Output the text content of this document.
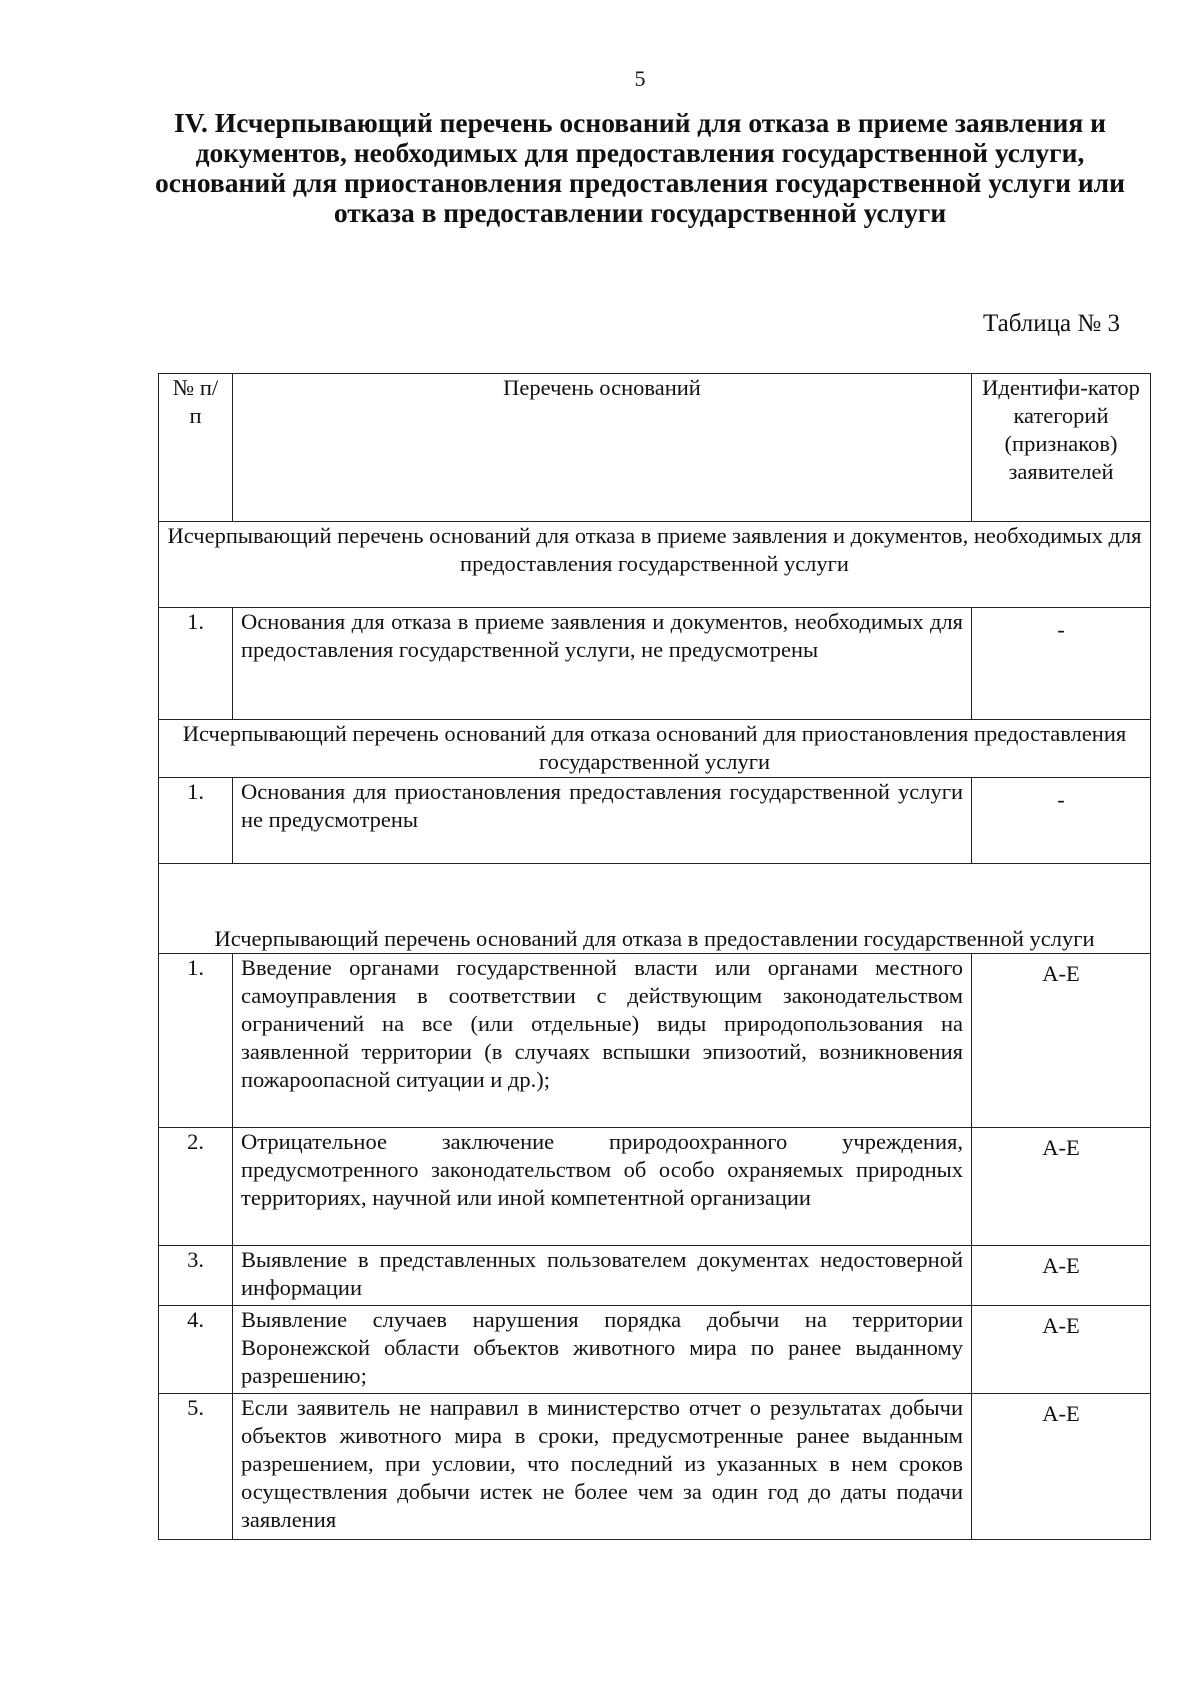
5
IV. Исчерпывающий перечень оснований для отказа в приеме заявления и документов, необходимых для предоставления государственной услуги, оснований для приостановления предоставления государственной услуги или отказа в предоставлении государственной услуги
Таблица № 3
№ п/п	Перечень оснований	Идентифи-катор категорий (признаков) заявителей
Исчерпывающий перечень оснований для отказа в приеме заявления и документов, необходимых для предоставления государственной услуги		
1.	Основания для отказа в приеме заявления и документов, необходимых для предоставления государственной услуги, не предусмотрены	-
Исчерпывающий перечень оснований для отказа оснований для приостановления предоставления государственной услуги		
1.	Основания для приостановления предоставления государственной услуги не предусмотрены	-
Исчерпывающий перечень оснований для отказа в предоставлении государственной услуги		
1.	Введение органами государственной власти или органами местного самоуправления в соответствии с действующим законодательством ограничений на все (или отдельные) виды природопользования на заявленной территории (в случаях вспышки эпизоотий, возникновения пожароопасной ситуации и др.);	А-Е
2.	Отрицательное заключение природоохранного учреждения, предусмотренного законодательством об особо охраняемых природных территориях, научной или иной компетентной организации	А-Е
3.	Выявление в представленных пользователем документах недостоверной информации	А-Е
4.	Выявление случаев нарушения порядка добычи на территории Воронежской области объектов животного мира по ранее выданному разрешению;	А-Е
5.	Если заявитель не направил в министерство отчет о результатах добычи объектов животного мира в сроки, предусмотренные ранее выданным разрешением, при условии, что последний из указанных в нем сроков осуществления добычи истек не более чем за один год до даты подачи заявления	А-Е
